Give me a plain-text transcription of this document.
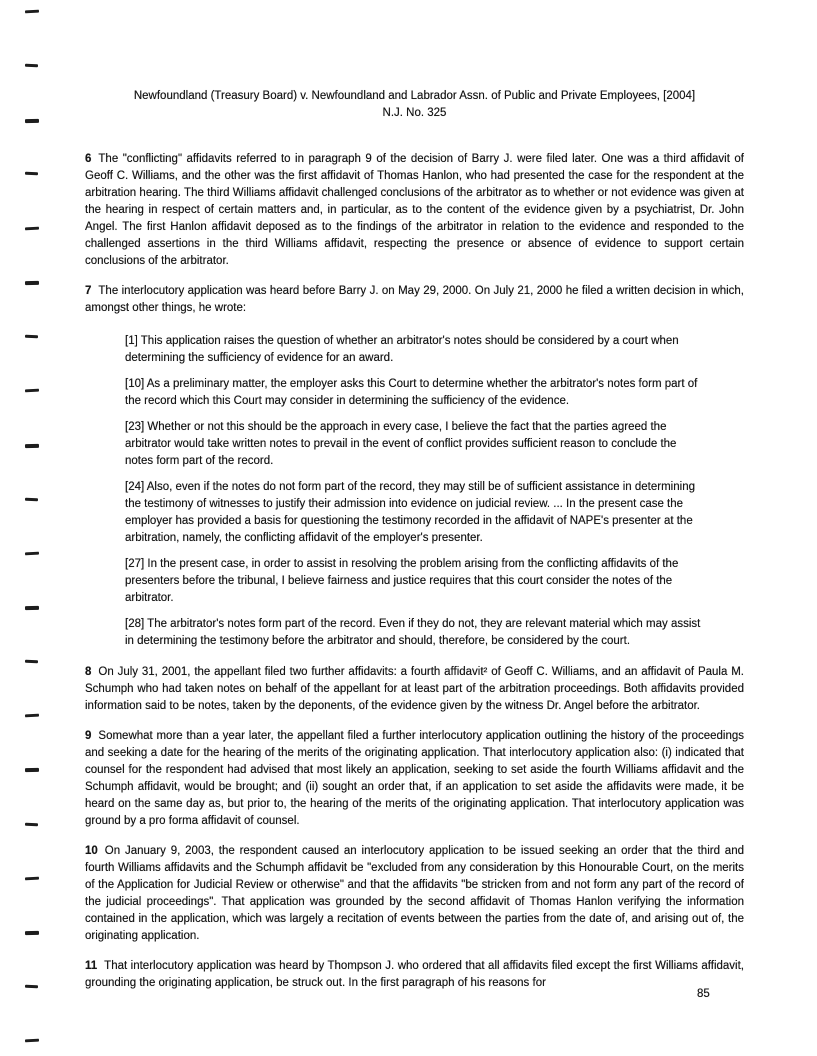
Newfoundland (Treasury Board) v. Newfoundland and Labrador Assn. of Public and Private Employees, [2004]
N.J. No. 325
6 The "conflicting" affidavits referred to in paragraph 9 of the decision of Barry J. were filed later. One was a third affidavit of Geoff C. Williams, and the other was the first affidavit of Thomas Hanlon, who had presented the case for the respondent at the arbitration hearing. The third Williams affidavit challenged conclusions of the arbitrator as to whether or not evidence was given at the hearing in respect of certain matters and, in particular, as to the content of the evidence given by a psychiatrist, Dr. John Angel. The first Hanlon affidavit deposed as to the findings of the arbitrator in relation to the evidence and responded to the challenged assertions in the third Williams affidavit, respecting the presence or absence of evidence to support certain conclusions of the arbitrator.
7 The interlocutory application was heard before Barry J. on May 29, 2000. On July 21, 2000 he filed a written decision in which, amongst other things, he wrote:
[1] This application raises the question of whether an arbitrator's notes should be considered by a court when determining the sufficiency of evidence for an award.
[10] As a preliminary matter, the employer asks this Court to determine whether the arbitrator's notes form part of the record which this Court may consider in determining the sufficiency of the evidence.
[23] Whether or not this should be the approach in every case, I believe the fact that the parties agreed the arbitrator would take written notes to prevail in the event of conflict provides sufficient reason to conclude the notes form part of the record.
[24] Also, even if the notes do not form part of the record, they may still be of sufficient assistance in determining the testimony of witnesses to justify their admission into evidence on judicial review. ... In the present case the employer has provided a basis for questioning the testimony recorded in the affidavit of NAPE's presenter at the arbitration, namely, the conflicting affidavit of the employer's presenter.
[27] In the present case, in order to assist in resolving the problem arising from the conflicting affidavits of the presenters before the tribunal, I believe fairness and justice requires that this court consider the notes of the arbitrator.
[28] The arbitrator's notes form part of the record. Even if they do not, they are relevant material which may assist in determining the testimony before the arbitrator and should, therefore, be considered by the court.
8 On July 31, 2001, the appellant filed two further affidavits: a fourth affidavit² of Geoff C. Williams, and an affidavit of Paula M. Schumph who had taken notes on behalf of the appellant for at least part of the arbitration proceedings. Both affidavits provided information said to be notes, taken by the deponents, of the evidence given by the witness Dr. Angel before the arbitrator.
9 Somewhat more than a year later, the appellant filed a further interlocutory application outlining the history of the proceedings and seeking a date for the hearing of the merits of the originating application. That interlocutory application also: (i) indicated that counsel for the respondent had advised that most likely an application, seeking to set aside the fourth Williams affidavit and the Schumph affidavit, would be brought; and (ii) sought an order that, if an application to set aside the affidavits were made, it be heard on the same day as, but prior to, the hearing of the merits of the originating application. That interlocutory application was ground by a pro forma affidavit of counsel.
10 On January 9, 2003, the respondent caused an interlocutory application to be issued seeking an order that the third and fourth Williams affidavits and the Schumph affidavit be "excluded from any consideration by this Honourable Court, on the merits of the Application for Judicial Review or otherwise" and that the affidavits "be stricken from and not form any part of the record of the judicial proceedings". That application was grounded by the second affidavit of Thomas Hanlon verifying the information contained in the application, which was largely a recitation of events between the parties from the date of, and arising out of, the originating application.
11 That interlocutory application was heard by Thompson J. who ordered that all affidavits filed except the first Williams affidavit, grounding the originating application, be struck out. In the first paragraph of his reasons for
85
